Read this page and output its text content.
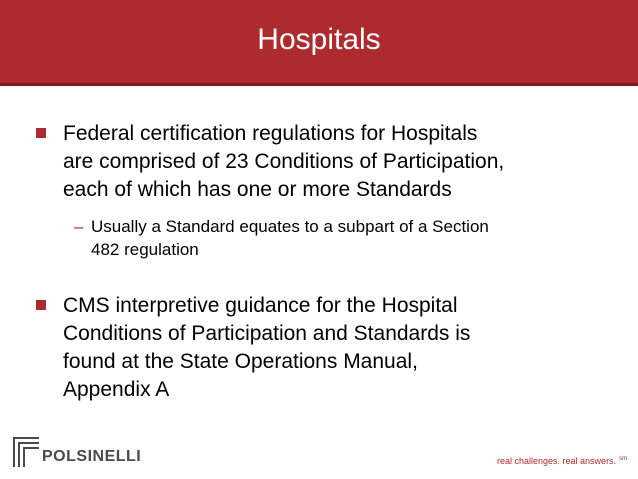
Hospitals
Federal certification regulations for Hospitals
are comprised of 23 Conditions of Participation,
each of which has one or more Standards
– Usually a Standard equates to a subpart of a Section
482 regulation
CMS interpretive guidance for the Hospital
Conditions of Participation and Standards is
found at the State Operations Manual,
Appendix A
POLSINELLI	real challenges. real answers. $^{sm}$
